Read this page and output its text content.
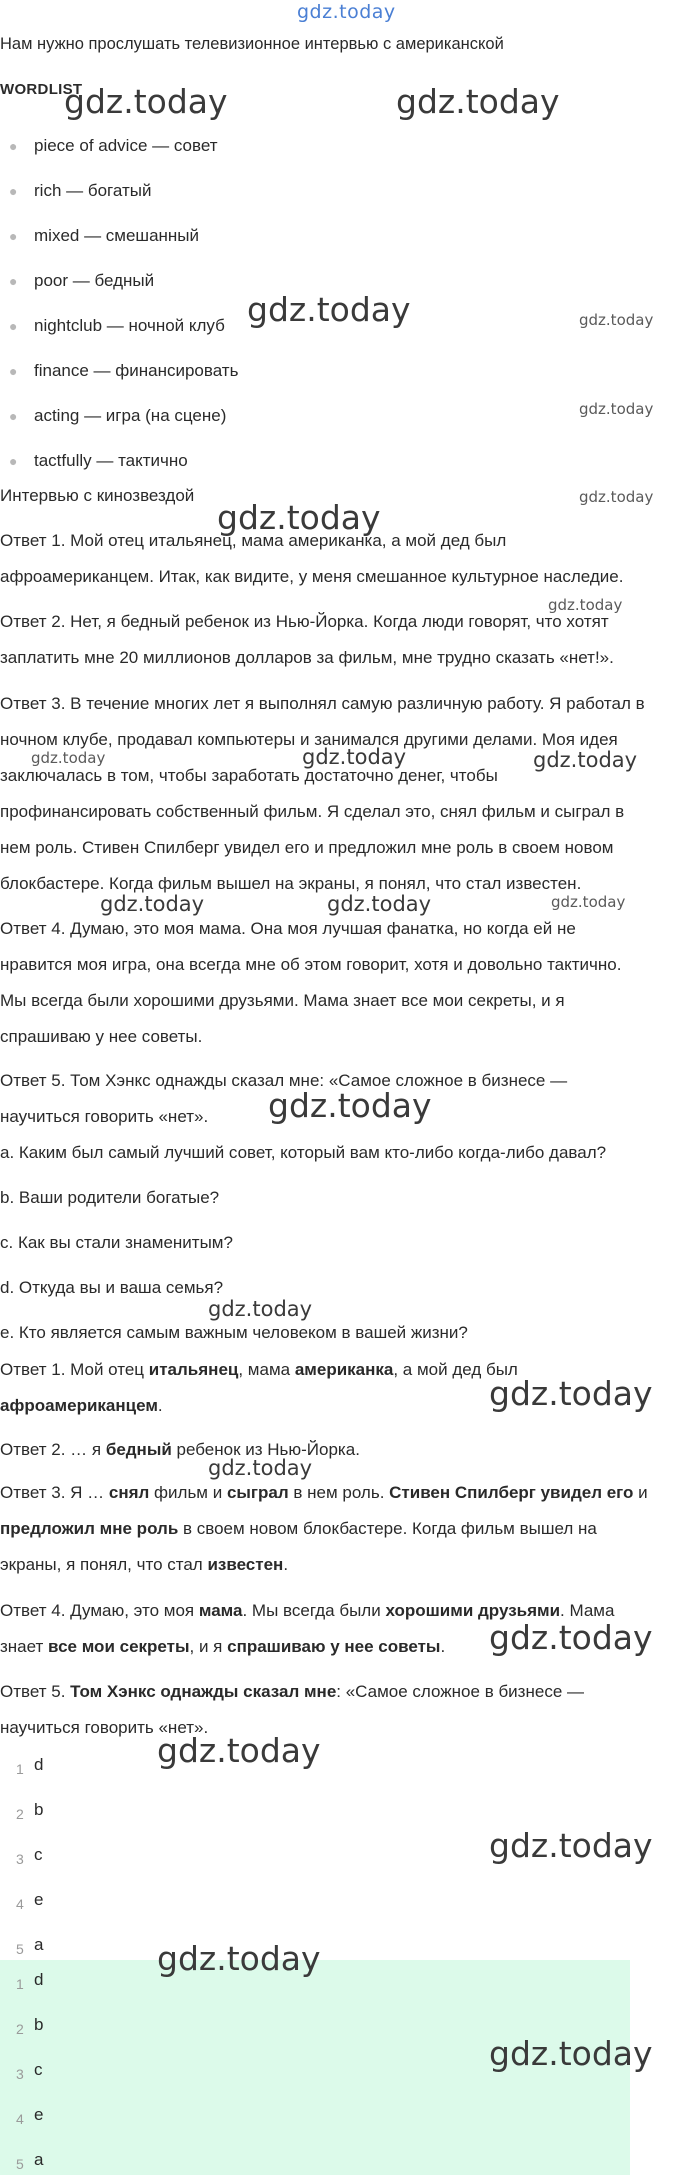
gdz.today

Нам нужно прослушать телевизионное интервью с американской

WORDLIST

● piece of advice — совет
● rich — богатый
● mixed — смешанный
● poor — бедный
● nightclub — ночной клуб
● finance — финансировать
● acting — игра (на сцене)
● tactfully — тактично

Интервью с кинозвездой

Ответ 1. Мой отец итальянец, мама американка, а мой дед был
афроамериканцем. Итак, как видите, у меня смешанное культурное наследие.
Ответ 2. Нет, я бедный ребенок из Нью-Йорка. Когда люди говорят, что хотят
заплатить мне 20 миллионов долларов за фильм, мне трудно сказать «нет!».
Ответ 3. В течение многих лет я выполнял самую различную работу. Я работал в
ночном клубе, продавал компьютеры и занимался другими делами. Моя идея
заключалась в том, чтобы заработать достаточно денег, чтобы
профинансировать собственный фильм. Я сделал это, снял фильм и сыграл в
нем роль. Стивен Спилберг увидел его и предложил мне роль в своем новом
блокбастере. Когда фильм вышел на экраны, я понял, что стал известен.
Ответ 4. Думаю, это моя мама. Она моя лучшая фанатка, но когда ей не
нравится моя игра, она всегда мне об этом говорит, хотя и довольно тактично.
Мы всегда были хорошими друзьями. Мама знает все мои секреты, и я
спрашиваю у нее советы.
Ответ 5. Том Хэнкс однажды сказал мне: «Самое сложное в бизнесе —
научиться говорить «нет».

a. Каким был самый лучший совет, который вам кто-либо когда-либо давал?

b. Ваши родители богатые?

c. Как вы стали знаменитым?

d. Откуда вы и ваша семья?

e. Кто является самым важным человеком в вашей жизни?

Ответ 1. Мой отец итальянец, мама американка, а мой дед был
афроамериканцем.
Ответ 2. … я бедный ребенок из Нью-Йорка.
Ответ 3. Я … снял фильм и сыграл в нем роль. Стивен Спилберг увидел его и
предложил мне роль в своем новом блокбастере. Когда фильм вышел на
экраны, я понял, что стал известен.
Ответ 4. Думаю, это моя мама. Мы всегда были хорошими друзьями. Мама
знает все мои секреты, и я спрашиваю у нее советы.
Ответ 5. Том Хэнкс однажды сказал мне: «Самое сложное в бизнесе —
научиться говорить «нет».
1 d
2 b
3 c
4 e
5 a
1 d
2 b
3 c
4 e
5 a
gdz.today	gdz.today
gdz.today	gdz.today
gdz.today
gdz.today
gdz.today
gdz.today
gdz.today	gdz.today	gdz.today
gdz.today	gdz.today	gdz.today
gdz.today
gdz.today
gdz.today
gdz.today
gdz.today
gdz.today
gdz.today
gdz.today
gdz.today
